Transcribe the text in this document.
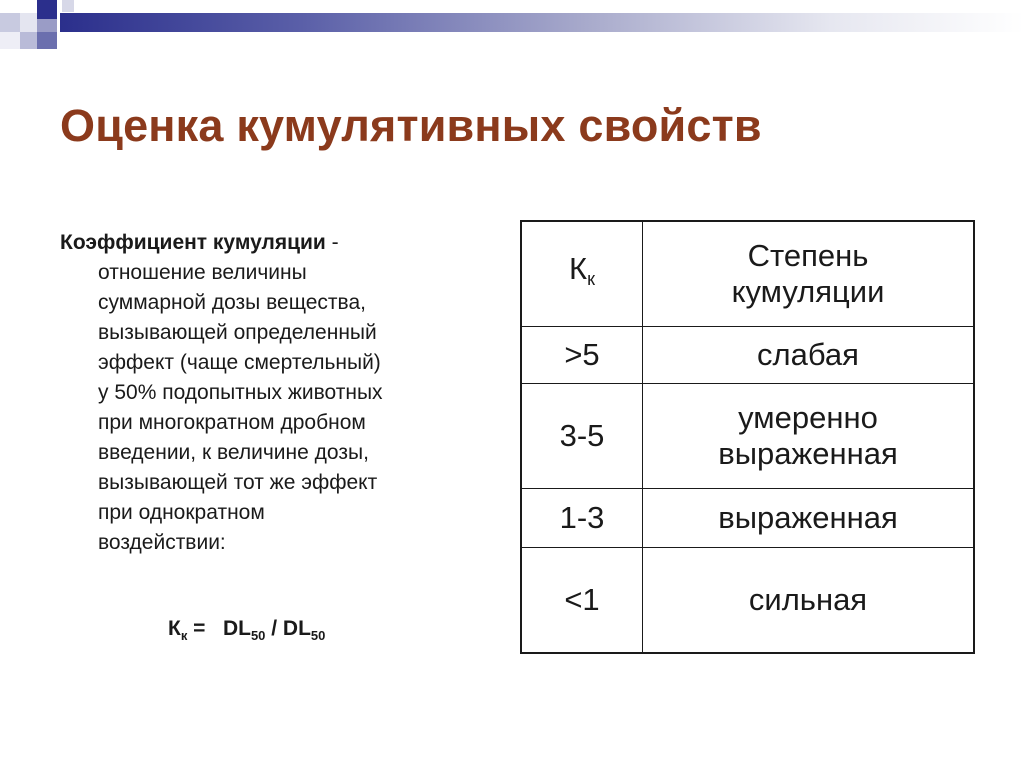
Оценка кумулятивных свойств
Коэффициент кумуляции -
отношение величины
суммарной дозы вещества,
вызывающей определенный
эффект (чаще смертельный)
у 50% подопытных животных
при многократном дробном
введении, к величине дозы,
вызывающей тот же эффект
при однократном
воздействии:
$К_к = DL_{50} / DL_{50}$
$К_к$	Степень
кумуляции
>5	слабая
3-5	умеренно
выраженная
1-3	выраженная
<1	сильная
